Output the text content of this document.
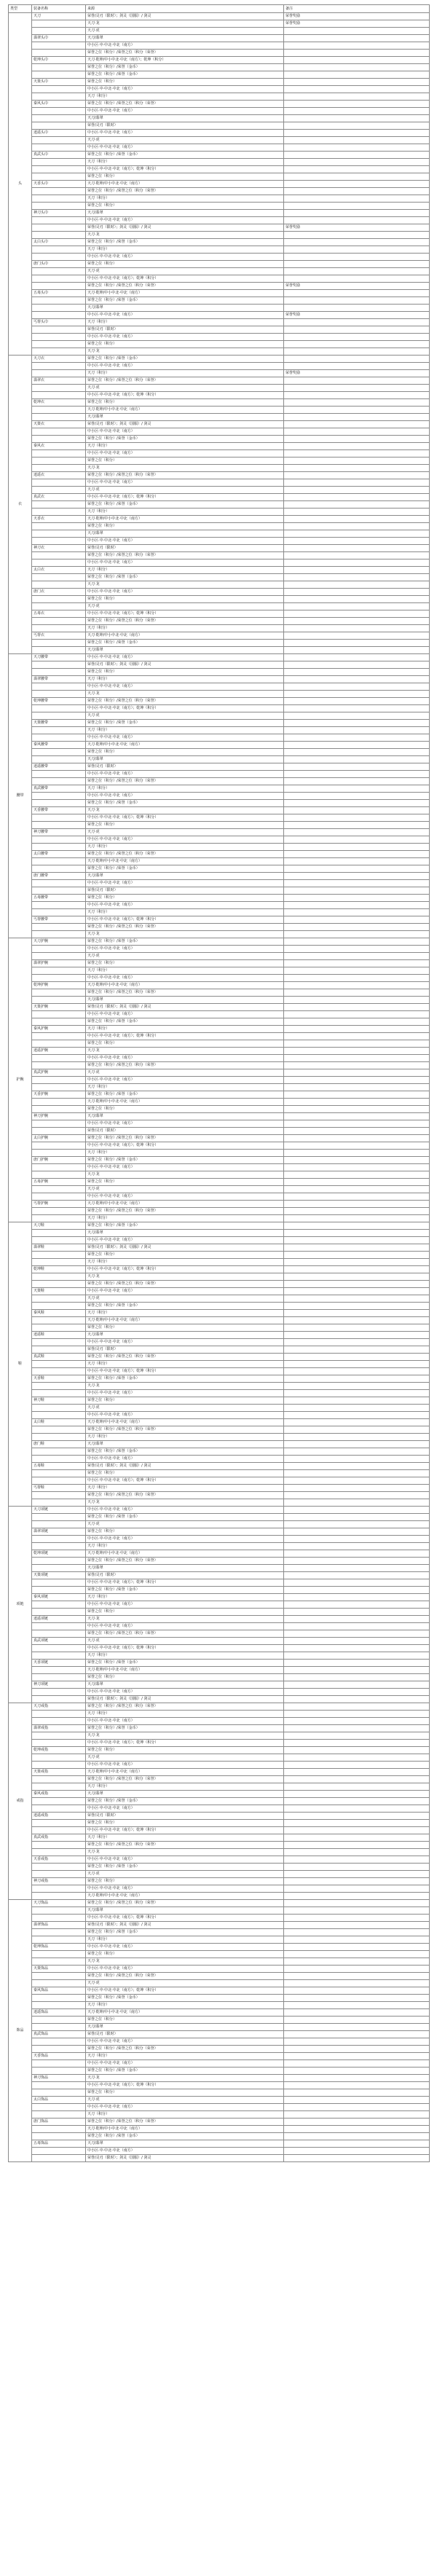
类型	装备名称	来源	备注
头	天刀	荣誉/灵刃（限时）；剑灵（国服）/ 剑灵	荣誉奖励
		天刀·龙	荣誉奖励
		天刀·虎	
	翡翠头巾	天刀/翡翠	
		中小区·中·中北·中北（南方）	
		荣誉之位（积分）/荣誉之位（积分（荣誉）	
	乾坤头巾	天刀·乾坤/中小中北·中北（南方）；乾坤（积分）	
		荣誉之位（积分）/荣誉（金币）	
		荣誉之位（积分）/荣誉（金币）	
	天策头巾	荣誉之位（积分）	
		中小区·中·中北·中北（南方）	
		天刀（积分）	
	秦风头巾	荣誉之位（积分）/荣誉之位（积分（荣誉）	
		中小区·中·中北·中北（南方）	
		天刀/翡翠	
		荣誉/灵刃（限时）	
	逍遥头巾	中小区·中·中北·中北（南方）	
		天刀·虎	
		中小区·中·中北·中北（南方）	
	真武头巾	荣誉之位（积分）/荣誉（金币）	
		天刀（积分）	
		中小区·中·中北·中北（南方）；乾坤（积分）	
		荣誉之位（积分）	
	天香头巾	天刀·乾坤/中小中北·中北（南方）	
		荣誉之位（积分）/荣誉之位（积分（荣誉）	
		天刀（积分）	
		荣誉之位（积分）	
	神刀头巾	天刀/翡翠	
		中小区·中·中北·中北（南方）	
		荣誉/灵刃（限时）；剑灵（国服）/ 剑灵	荣誉奖励
		天刀·龙	
	太白头巾	荣誉之位（积分）/荣誉（金币）	
		天刀（积分）	
		中小区·中·中北·中北（南方）	
	唐门头巾	荣誉之位（积分）	
		天刀·虎	
		中小区·中·中北·中北（南方）；乾坤（积分）	
		荣誉之位（积分）/荣誉之位（积分（荣誉）	荣誉奖励
	五毒头巾	天刀·乾坤/中小中北·中北（南方）	
		荣誉之位（积分）/荣誉（金币）	
		天刀/翡翠	
		中小区·中·中北·中北（南方）	荣誉奖励
	丐帮头巾	天刀（积分）	
		荣誉/灵刃（限时）	
		中小区·中·中北·中北（南方）	
		荣誉之位（积分）	
		天刀·龙	
衣	天刀衣	荣誉之位（积分）/荣誉（金币）	
		中小区·中·中北·中北（南方）	
		天刀（积分）	荣誉奖励
	翡翠衣	荣誉之位（积分）/荣誉之位（积分（荣誉）	
		天刀·虎	
		中小区·中·中北·中北（南方）；乾坤（积分）	
	乾坤衣	荣誉之位（积分）	
		天刀·乾坤/中小中北·中北（南方）	
		天刀/翡翠	
	天策衣	荣誉/灵刃（限时）；剑灵（国服）/ 剑灵	
		中小区·中·中北·中北（南方）	
		荣誉之位（积分）/荣誉（金币）	
	秦风衣	天刀（积分）	
		中小区·中·中北·中北（南方）	
		荣誉之位（积分）	
		天刀·龙	
	逍遥衣	荣誉之位（积分）/荣誉之位（积分（荣誉）	
		中小区·中·中北·中北（南方）	
		天刀·虎	
	真武衣	中小区·中·中北·中北（南方）；乾坤（积分）	
		荣誉之位（积分）/荣誉（金币）	
		天刀（积分）	
	天香衣	天刀·乾坤/中小中北·中北（南方）	
		荣誉之位（积分）	
		天刀/翡翠	
		中小区·中·中北·中北（南方）	
	神刀衣	荣誉/灵刃（限时）	
		荣誉之位（积分）/荣誉之位（积分（荣誉）	
		中小区·中·中北·中北（南方）	
	太白衣	天刀（积分）	
		荣誉之位（积分）/荣誉（金币）	
		天刀·龙	
	唐门衣	中小区·中·中北·中北（南方）	
		荣誉之位（积分）	
		天刀·虎	
	五毒衣	中小区·中·中北·中北（南方）；乾坤（积分）	
		荣誉之位（积分）/荣誉之位（积分（荣誉）	
		天刀（积分）	
	丐帮衣	天刀·乾坤/中小中北·中北（南方）	
		荣誉之位（积分）/荣誉（金币）	
		天刀/翡翠	
腰带	天刀腰带	中小区·中·中北·中北（南方）	
		荣誉/灵刃（限时）；剑灵（国服）/ 剑灵	
		荣誉之位（积分）	
	翡翠腰带	天刀（积分）	
		中小区·中·中北·中北（南方）	
		天刀·龙	
	乾坤腰带	荣誉之位（积分）/荣誉之位（积分（荣誉）	
		中小区·中·中北·中北（南方）；乾坤（积分）	
		天刀·虎	
	天策腰带	荣誉之位（积分）/荣誉（金币）	
		天刀（积分）	
		中小区·中·中北·中北（南方）	
	秦风腰带	天刀·乾坤/中小中北·中北（南方）	
		荣誉之位（积分）	
		天刀/翡翠	
	逍遥腰带	荣誉/灵刃（限时）	
		中小区·中·中北·中北（南方）	
		荣誉之位（积分）/荣誉之位（积分（荣誉）	
	真武腰带	天刀（积分）	
		中小区·中·中北·中北（南方）	
		荣誉之位（积分）/荣誉（金币）	
	天香腰带	天刀·龙	
		中小区·中·中北·中北（南方）；乾坤（积分）	
		荣誉之位（积分）	
	神刀腰带	天刀·虎	
		中小区·中·中北·中北（南方）	
		天刀（积分）	
	太白腰带	荣誉之位（积分）/荣誉之位（积分（荣誉）	
		天刀·乾坤/中小中北·中北（南方）	
		荣誉之位（积分）/荣誉（金币）	
	唐门腰带	天刀/翡翠	
		中小区·中·中北·中北（南方）	
		荣誉/灵刃（限时）	
	五毒腰带	荣誉之位（积分）	
		中小区·中·中北·中北（南方）	
		天刀（积分）	
	丐帮腰带	中小区·中·中北·中北（南方）；乾坤（积分）	
		荣誉之位（积分）/荣誉之位（积分（荣誉）	
		天刀·龙	
护腕	天刀护腕	荣誉之位（积分）/荣誉（金币）	
		中小区·中·中北·中北（南方）	
		天刀·虎	
	翡翠护腕	荣誉之位（积分）	
		天刀（积分）	
		中小区·中·中北·中北（南方）	
	乾坤护腕	天刀·乾坤/中小中北·中北（南方）	
		荣誉之位（积分）/荣誉之位（积分（荣誉）	
		天刀/翡翠	
	天策护腕	荣誉/灵刃（限时）；剑灵（国服）/ 剑灵	
		中小区·中·中北·中北（南方）	
		荣誉之位（积分）/荣誉（金币）	
	秦风护腕	天刀（积分）	
		中小区·中·中北·中北（南方）；乾坤（积分）	
		荣誉之位（积分）	
	逍遥护腕	天刀·龙	
		中小区·中·中北·中北（南方）	
		荣誉之位（积分）/荣誉之位（积分（荣誉）	
	真武护腕	天刀·虎	
		中小区·中·中北·中北（南方）	
		天刀（积分）	
	天香护腕	荣誉之位（积分）/荣誉（金币）	
		天刀·乾坤/中小中北·中北（南方）	
		荣誉之位（积分）	
	神刀护腕	天刀/翡翠	
		中小区·中·中北·中北（南方）	
		荣誉/灵刃（限时）	
	太白护腕	荣誉之位（积分）/荣誉之位（积分（荣誉）	
		中小区·中·中北·中北（南方）；乾坤（积分）	
		天刀（积分）	
	唐门护腕	荣誉之位（积分）/荣誉（金币）	
		中小区·中·中北·中北（南方）	
		天刀·龙	
	五毒护腕	荣誉之位（积分）	
		天刀·虎	
		中小区·中·中北·中北（南方）	
	丐帮护腕	天刀·乾坤/中小中北·中北（南方）	
		荣誉之位（积分）/荣誉之位（积分（荣誉）	
		天刀（积分）	
鞋	天刀鞋	荣誉之位（积分）/荣誉（金币）	
		天刀/翡翠	
		中小区·中·中北·中北（南方）	
	翡翠鞋	荣誉/灵刃（限时）；剑灵（国服）/ 剑灵	
		荣誉之位（积分）	
		天刀（积分）	
	乾坤鞋	中小区·中·中北·中北（南方）；乾坤（积分）	
		天刀·龙	
		荣誉之位（积分）/荣誉之位（积分（荣誉）	
	天策鞋	中小区·中·中北·中北（南方）	
		天刀·虎	
		荣誉之位（积分）/荣誉（金币）	
	秦风鞋	天刀（积分）	
		天刀·乾坤/中小中北·中北（南方）	
		荣誉之位（积分）	
	逍遥鞋	天刀/翡翠	
		中小区·中·中北·中北（南方）	
		荣誉/灵刃（限时）	
	真武鞋	荣誉之位（积分）/荣誉之位（积分（荣誉）	
		天刀（积分）	
		中小区·中·中北·中北（南方）；乾坤（积分）	
	天香鞋	荣誉之位（积分）/荣誉（金币）	
		天刀·龙	
		中小区·中·中北·中北（南方）	
	神刀鞋	荣誉之位（积分）	
		天刀·虎	
		中小区·中·中北·中北（南方）	
	太白鞋	天刀·乾坤/中小中北·中北（南方）	
		荣誉之位（积分）/荣誉之位（积分（荣誉）	
		天刀（积分）	
	唐门鞋	天刀/翡翠	
		荣誉之位（积分）/荣誉（金币）	
		中小区·中·中北·中北（南方）	
	五毒鞋	荣誉/灵刃（限时）；剑灵（国服）/ 剑灵	
		荣誉之位（积分）	
		中小区·中·中北·中北（南方）；乾坤（积分）	
	丐帮鞋	天刀（积分）	
		荣誉之位（积分）/荣誉之位（积分（荣誉）	
		天刀·龙	
项链	天刀项链	中小区·中·中北·中北（南方）	
		荣誉之位（积分）/荣誉（金币）	
		天刀·虎	
	翡翠项链	荣誉之位（积分）	
		中小区·中·中北·中北（南方）	
		天刀（积分）	
	乾坤项链	天刀·乾坤/中小中北·中北（南方）	
		荣誉之位（积分）/荣誉之位（积分（荣誉）	
		天刀/翡翠	
	天策项链	荣誉/灵刃（限时）	
		中小区·中·中北·中北（南方）；乾坤（积分）	
		荣誉之位（积分）/荣誉（金币）	
	秦风项链	天刀（积分）	
		中小区·中·中北·中北（南方）	
		荣誉之位（积分）	
	逍遥项链	天刀·龙	
		中小区·中·中北·中北（南方）	
		荣誉之位（积分）/荣誉之位（积分（荣誉）	
	真武项链	天刀·虎	
		中小区·中·中北·中北（南方）；乾坤（积分）	
		天刀（积分）	
	天香项链	荣誉之位（积分）/荣誉（金币）	
		天刀·乾坤/中小中北·中北（南方）	
		荣誉之位（积分）	
	神刀项链	天刀/翡翠	
		中小区·中·中北·中北（南方）	
		荣誉/灵刃（限时）；剑灵（国服）/ 剑灵	
戒指	天刀戒指	荣誉之位（积分）/荣誉之位（积分（荣誉）	
		天刀（积分）	
		中小区·中·中北·中北（南方）	
	翡翠戒指	荣誉之位（积分）/荣誉（金币）	
		天刀·龙	
		中小区·中·中北·中北（南方）；乾坤（积分）	
	乾坤戒指	荣誉之位（积分）	
		天刀·虎	
		中小区·中·中北·中北（南方）	
	天策戒指	天刀·乾坤/中小中北·中北（南方）	
		荣誉之位（积分）/荣誉之位（积分（荣誉）	
		天刀（积分）	
	秦风戒指	天刀/翡翠	
		荣誉之位（积分）/荣誉（金币）	
		中小区·中·中北·中北（南方）	
	逍遥戒指	荣誉/灵刃（限时）	
		荣誉之位（积分）	
		中小区·中·中北·中北（南方）；乾坤（积分）	
	真武戒指	天刀（积分）	
		荣誉之位（积分）/荣誉之位（积分（荣誉）	
		天刀·龙	
	天香戒指	中小区·中·中北·中北（南方）	
		荣誉之位（积分）/荣誉（金币）	
		天刀·虎	
	神刀戒指	荣誉之位（积分）	
		中小区·中·中北·中北（南方）	
		天刀·乾坤/中小中北·中北（南方）	
饰品	天刀饰品	荣誉之位（积分）/荣誉之位（积分（荣誉）	
		天刀/翡翠	
		中小区·中·中北·中北（南方）；乾坤（积分）	
	翡翠饰品	荣誉/灵刃（限时）；剑灵（国服）/ 剑灵	
		荣誉之位（积分）/荣誉（金币）	
		天刀（积分）	
	乾坤饰品	中小区·中·中北·中北（南方）	
		荣誉之位（积分）	
		天刀·龙	
	天策饰品	中小区·中·中北·中北（南方）	
		荣誉之位（积分）/荣誉之位（积分（荣誉）	
		天刀·虎	
	秦风饰品	中小区·中·中北·中北（南方）；乾坤（积分）	
		荣誉之位（积分）/荣誉（金币）	
		天刀（积分）	
	逍遥饰品	天刀·乾坤/中小中北·中北（南方）	
		荣誉之位（积分）	
		天刀/翡翠	
	真武饰品	荣誉/灵刃（限时）	
		中小区·中·中北·中北（南方）	
		荣誉之位（积分）/荣誉之位（积分（荣誉）	
	天香饰品	天刀（积分）	
		中小区·中·中北·中北（南方）	
		荣誉之位（积分）/荣誉（金币）	
	神刀饰品	天刀·龙	
		中小区·中·中北·中北（南方）；乾坤（积分）	
		荣誉之位（积分）	
	太白饰品	天刀·虎	
		中小区·中·中北·中北（南方）	
		天刀（积分）	
	唐门饰品	荣誉之位（积分）/荣誉之位（积分（荣誉）	
		天刀·乾坤/中小中北·中北（南方）	
		荣誉之位（积分）/荣誉（金币）	
	五毒饰品	天刀/翡翠	
		中小区·中·中北·中北（南方）	
		荣誉/灵刃（限时）；剑灵（国服）/ 剑灵	
